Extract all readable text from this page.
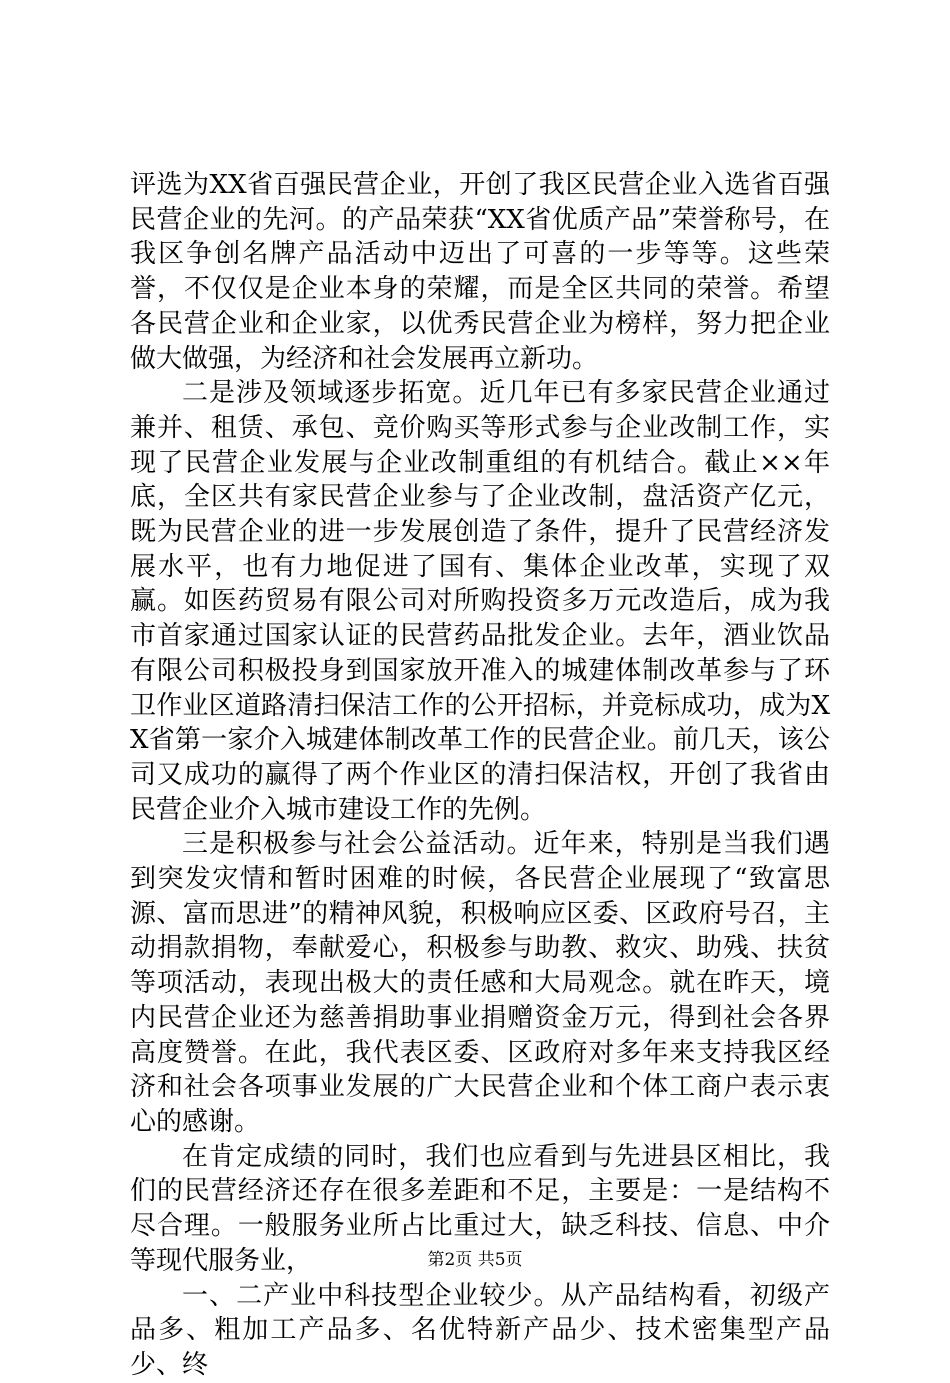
评选为XX省百强民营企业，开创了我区民营企业入选省百强民营企业的先河。的产品荣获“XX省优质产品”荣誉称号，在我区争创名牌产品活动中迈出了可喜的一步等等。这些荣誉，不仅仅是企业本身的荣耀，而是全区共同的荣誉。希望各民营企业和企业家，以优秀民营企业为榜样，努力把企业做大做强，为经济和社会发展再立新功。

二是涉及领域逐步拓宽。近几年已有多家民营企业通过兼并、租赁、承包、竞价购买等形式参与企业改制工作，实现了民营企业发展与企业改制重组的有机结合。截止××年底，全区共有家民营企业参与了企业改制，盘活资产亿元，既为民营企业的进一步发展创造了条件，提升了民营经济发展水平，也有力地促进了国有、集体企业改革，实现了双赢。如医药贸易有限公司对所购投资多万元改造后，成为我市首家通过国家认证的民营药品批发企业。去年，酒业饮品有限公司积极投身到国家放开准入的城建体制改革参与了环卫作业区道路清扫保洁工作的公开招标，并竞标成功，成为XX省第一家介入城建体制改革工作的民营企业。前几天，该公司又成功的赢得了两个作业区的清扫保洁权，开创了我省由民营企业介入城市建设工作的先例。

三是积极参与社会公益活动。近年来，特别是当我们遇到突发灾情和暂时困难的时候，各民营企业展现了“致富思源、富而思进”的精神风貌，积极响应区委、区政府号召，主动捐款捐物，奉献爱心，积极参与助教、救灾、助残、扶贫等项活动，表现出极大的责任感和大局观念。就在昨天，境内民营企业还为慈善捐助事业捐赠资金万元，得到社会各界高度赞誉。在此，我代表区委、区政府对多年来支持我区经济和社会各项事业发展的广大民营企业和个体工商户表示衷心的感谢。

在肯定成绩的同时，我们也应看到与先进县区相比，我们的民营经济还存在很多差距和不足，主要是：一是结构不尽合理。一般服务业所占比重过大，缺乏科技、信息、中介等现代服务业，

一、二产业中科技型企业较少。从产品结构看，初级产品多、粗加工产品多、名优特新产品少、技术密集型产品少、终

第2页 共5页
